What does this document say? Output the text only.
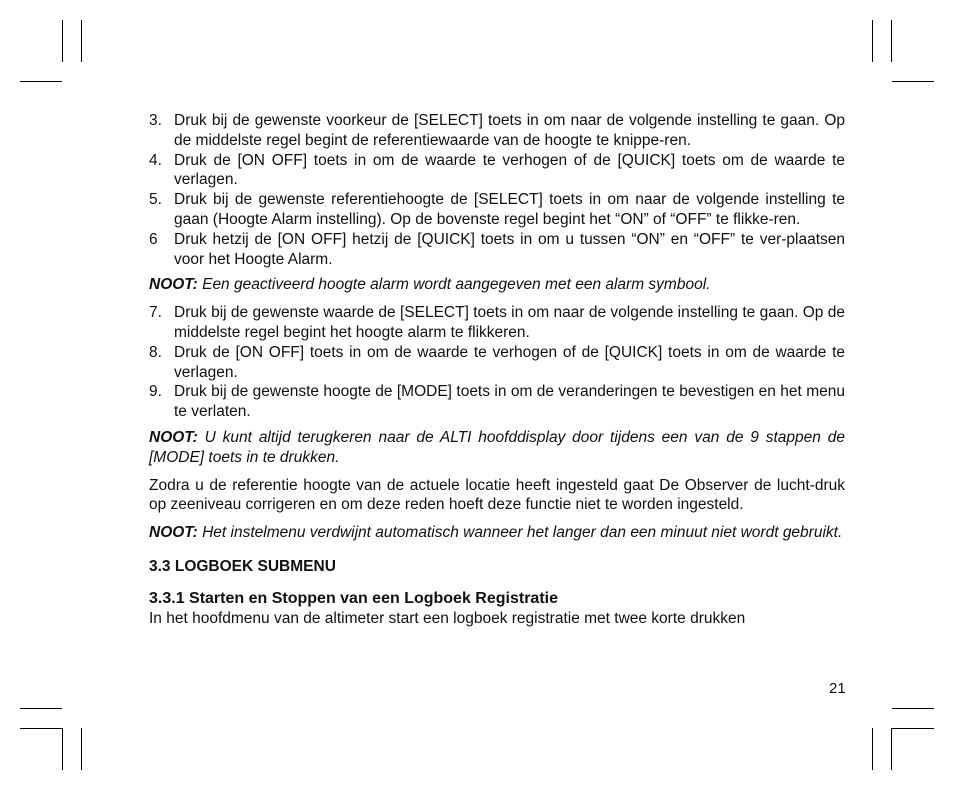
3. Druk bij de gewenste voorkeur de [SELECT] toets in om naar de volgende instelling te gaan. Op de middelste regel begint de referentiewaarde van de hoogte te knippe-ren.
4. Druk de [ON OFF] toets in om de waarde te verhogen of de [QUICK] toets om de waarde te verlagen.
5. Druk bij de gewenste referentiehoogte de [SELECT] toets in om naar de volgende instelling te gaan (Hoogte Alarm instelling). Op de bovenste regel begint het “ON” of “OFF” te flikke-ren.
6	Druk hetzij de [ON OFF] hetzij de [QUICK] toets in om u tussen “ON” en “OFF” te ver-plaatsen voor het Hoogte Alarm.

NOOT: Een geactiveerd hoogte alarm wordt aangegeven met een alarm symbool.

7. Druk bij de gewenste waarde de [SELECT] toets in om naar de volgende instelling te gaan. Op de middelste regel begint het hoogte alarm te flikkeren.
8. Druk de [ON OFF] toets in om de waarde te verhogen of de [QUICK] toets in om de waarde te verlagen.
9. Druk bij de gewenste hoogte de [MODE] toets in om de veranderingen te bevestigen en het menu te verlaten.

NOOT: U kunt altijd terugkeren naar de ALTI hoofddisplay door tijdens een van de 9 stappen de [MODE] toets in te drukken.

Zodra u de referentie hoogte van de actuele locatie heeft ingesteld gaat De Observer de lucht-druk op zeeniveau corrigeren en om deze reden hoeft deze functie niet te worden ingesteld.

NOOT: Het instelmenu verdwijnt automatisch wanneer het langer dan een minuut niet wordt gebruikt.

3.3 LOGBOEK SUBMENU
3.3.1 Starten en Stoppen van een Logboek Registratie

In het hoofdmenu van de altimeter start een logboek registratie met twee korte drukken

21
